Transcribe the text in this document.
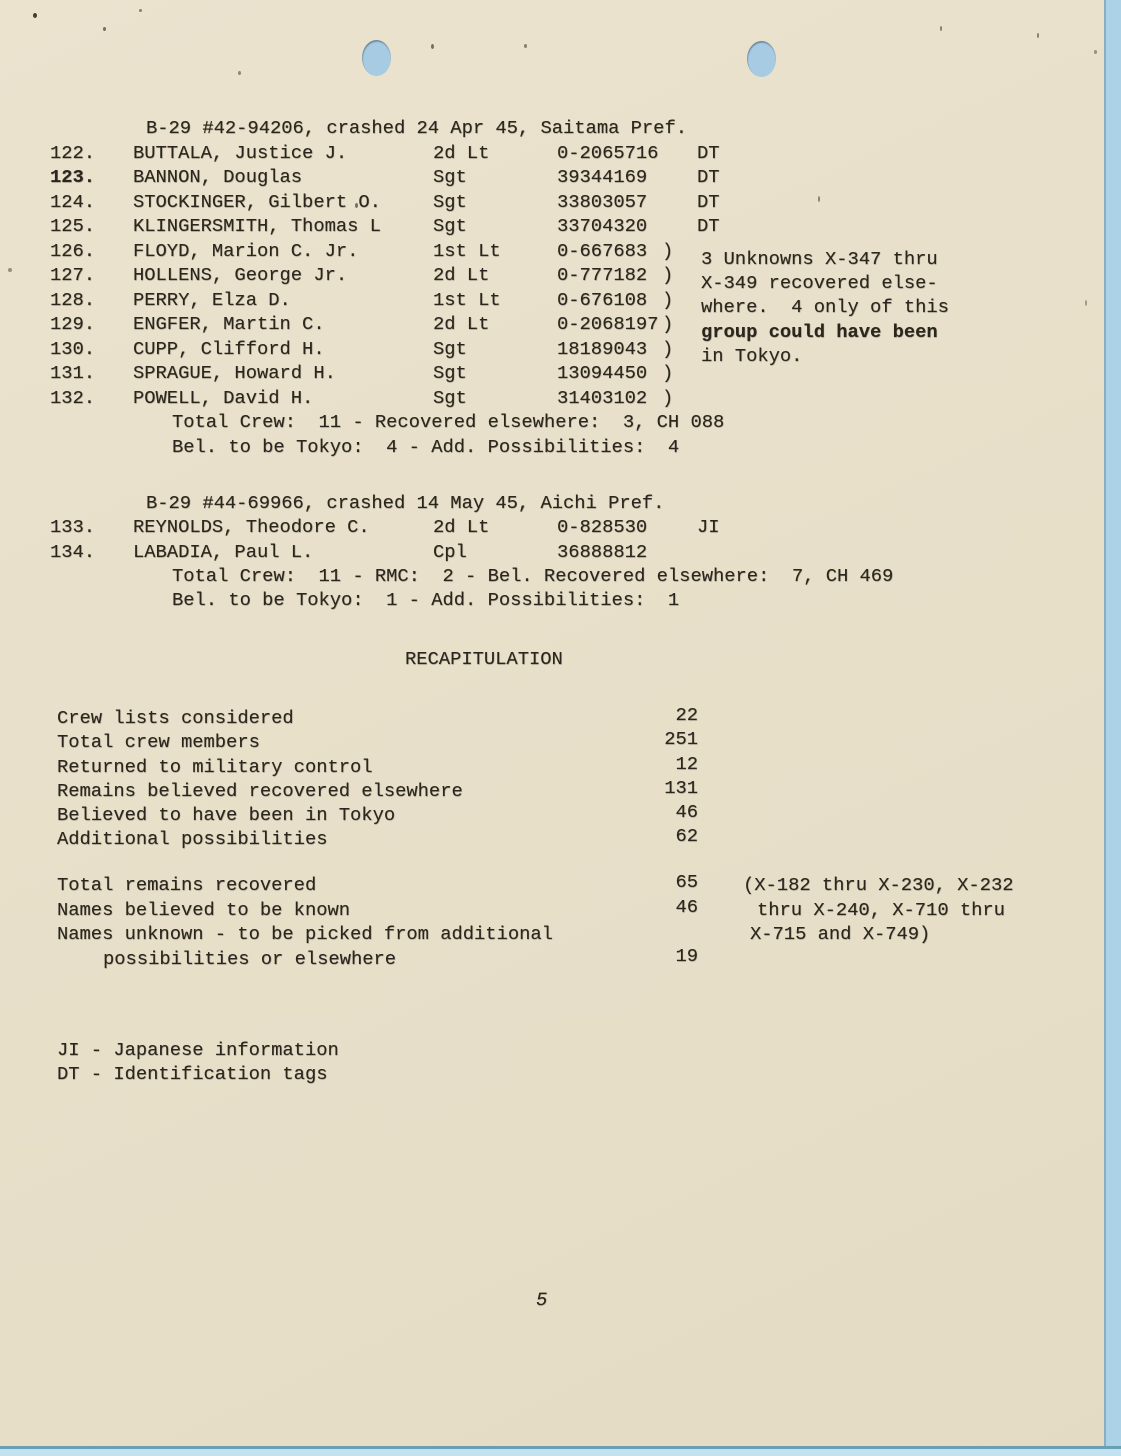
B-29 #42-94206, crashed 24 Apr 45, Saitama Pref.
122. BUTTALA, Justice J.	2d Lt	0-2065716 DT
123. BANNON, Douglas	Sgt	39344169	DT
124. STOCKINGER, Gilbert O.	Sgt	33803057	DT
125. KLINGERSMITH, Thomas L	Sgt	33704320	DT
126. FLOYD, Marion C. Jr.	1st Lt	0-667683 )
127. HOLLENS, George Jr.	2d Lt	0-777182 )
128. PERRY, Elza D.	1st Lt	0-676108 )
129. ENGFER, Martin C.	2d Lt	0-2068197 )
130. CUPP, Clifford H.	Sgt	18189043 )
131. SPRAGUE, Howard H.	Sgt	13094450 )
132. POWELL, David H.	Sgt	31403102 )
Total Crew:  11 - Recovered elsewhere:  3, CH 088
Bel. to be Tokyo:  4 - Add. Possibilities:  4
3 Unknowns X-347 thru
X-349 recovered else-
where.  4 only of this
group could have been
in Tokyo.
B-29 #44-69966, crashed 14 May 45, Aichi Pref.
133. REYNOLDS, Theodore C.	2d Lt	0-828530	JI
134. LABADIA, Paul L.	Cpl	36888812
Total Crew:  11 - RMC:  2 - Bel. Recovered elsewhere:  7, CH 469
Bel. to be Tokyo:  1 - Add. Possibilities:  1
RECAPITULATION
Crew lists considered	22
Total crew members	251
Returned to military control	12
Remains believed recovered elsewhere	131
Believed to have been in Tokyo	46
Additional possibilities	62
Total remains recovered	65
Names believed to be known	46
Names unknown - to be picked from additional
possibilities or elsewhere	19
(X-182 thru X-230, X-232
thru X-240, X-710 thru
X-715 and X-749)
JI - Japanese information
DT - Identification tags
5
